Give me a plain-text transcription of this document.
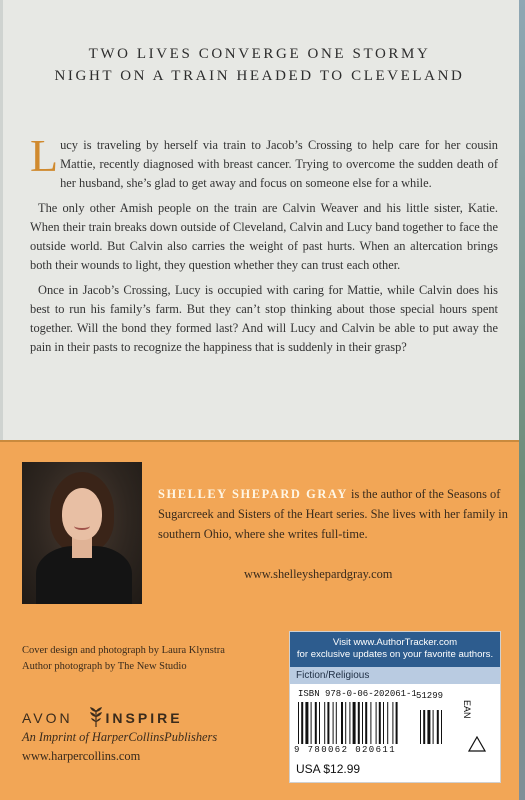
TWO LIVES CONVERGE ONE STORMY

NIGHT ON A TRAIN HEADED TO CLEVELAND

Lucy is traveling by herself via train to Jacob’s Crossing to help care for her cousin Mattie, recently diagnosed with breast cancer. Trying to overcome the sudden death of her husband, she’s glad to get away and focus on someone else for a while.

The only other Amish people on the train are Calvin Weaver and his little sister, Katie. When their train breaks down outside of Cleveland, Calvin and Lucy band together to face the outside world. But Calvin also carries the weight of past hurts. When an altercation brings both their wounds to light, they question whether they can trust each other.

Once in Jacob’s Crossing, Lucy is occupied with caring for Mattie, while Calvin does his best to run his family’s farm. But they can’t stop thinking about those special hours spent together. Will the bond they formed last? And will Lucy and Calvin be able to put away the pain in their pasts to recognize the happiness that is suddenly in their grasp?

SHELLEY SHEPARD GRAY is the author of the Seasons of Sugarcreek and Sisters of the Heart series. She lives with her family in southern Ohio, where she writes full-time.
www.shelleyshepardgray.com
Cover design and photograph by Laura Klynstra
Author photograph by The New Studio
AVON INSPIRE
An Imprint of HarperCollinsPublishers
www.harpercollins.com
Visit www.AuthorTracker.com
for exclusive updates on your favorite authors.
Fiction/Religious
ISBN 978-0-06-202061-1 51299
EAN
9 780062 020611
USA $12.99
